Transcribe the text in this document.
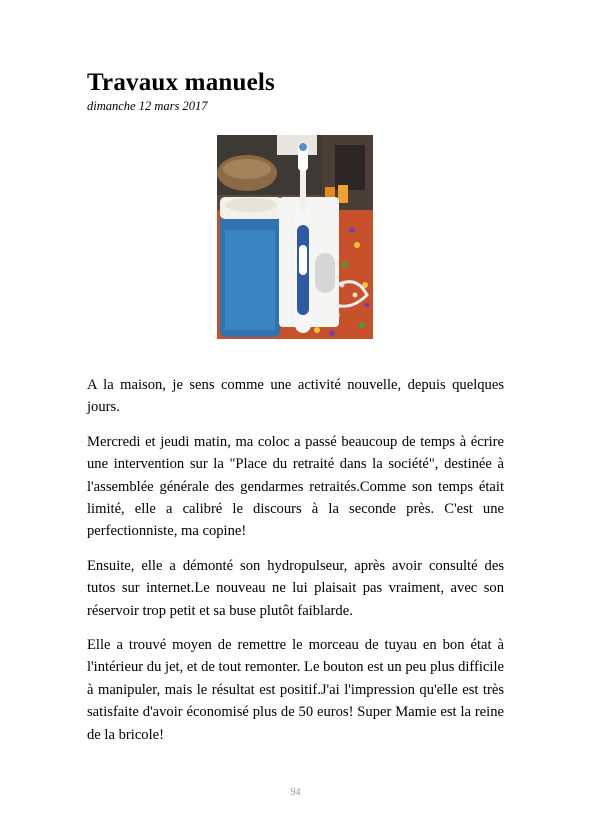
Travaux manuels
dimanche 12 mars 2017

A la maison, je sens comme une activité nouvelle, depuis quelques jours.

Mercredi et jeudi matin, ma coloc a passé beaucoup de temps à écrire une intervention sur la "Place du retraité dans la société", destinée à l'assemblée générale des gendarmes retraités.Comme son temps était limité, elle a calibré le discours à la seconde près. C'est une perfectionniste, ma copine!

Ensuite, elle a démonté son hydropulseur, après avoir consulté des tutos sur internet.Le nouveau ne lui plaisait pas vraiment, avec son réservoir trop petit et sa buse plutôt faiblarde.

Elle a trouvé moyen de remettre le morceau de tuyau en bon état à l'intérieur du jet, et de tout remonter. Le bouton est un peu plus difficile à manipuler, mais le résultat est positif.J'ai l'impression qu'elle est très satisfaite d'avoir économisé plus de 50 euros! Super Mamie est la reine de la bricole!

94
